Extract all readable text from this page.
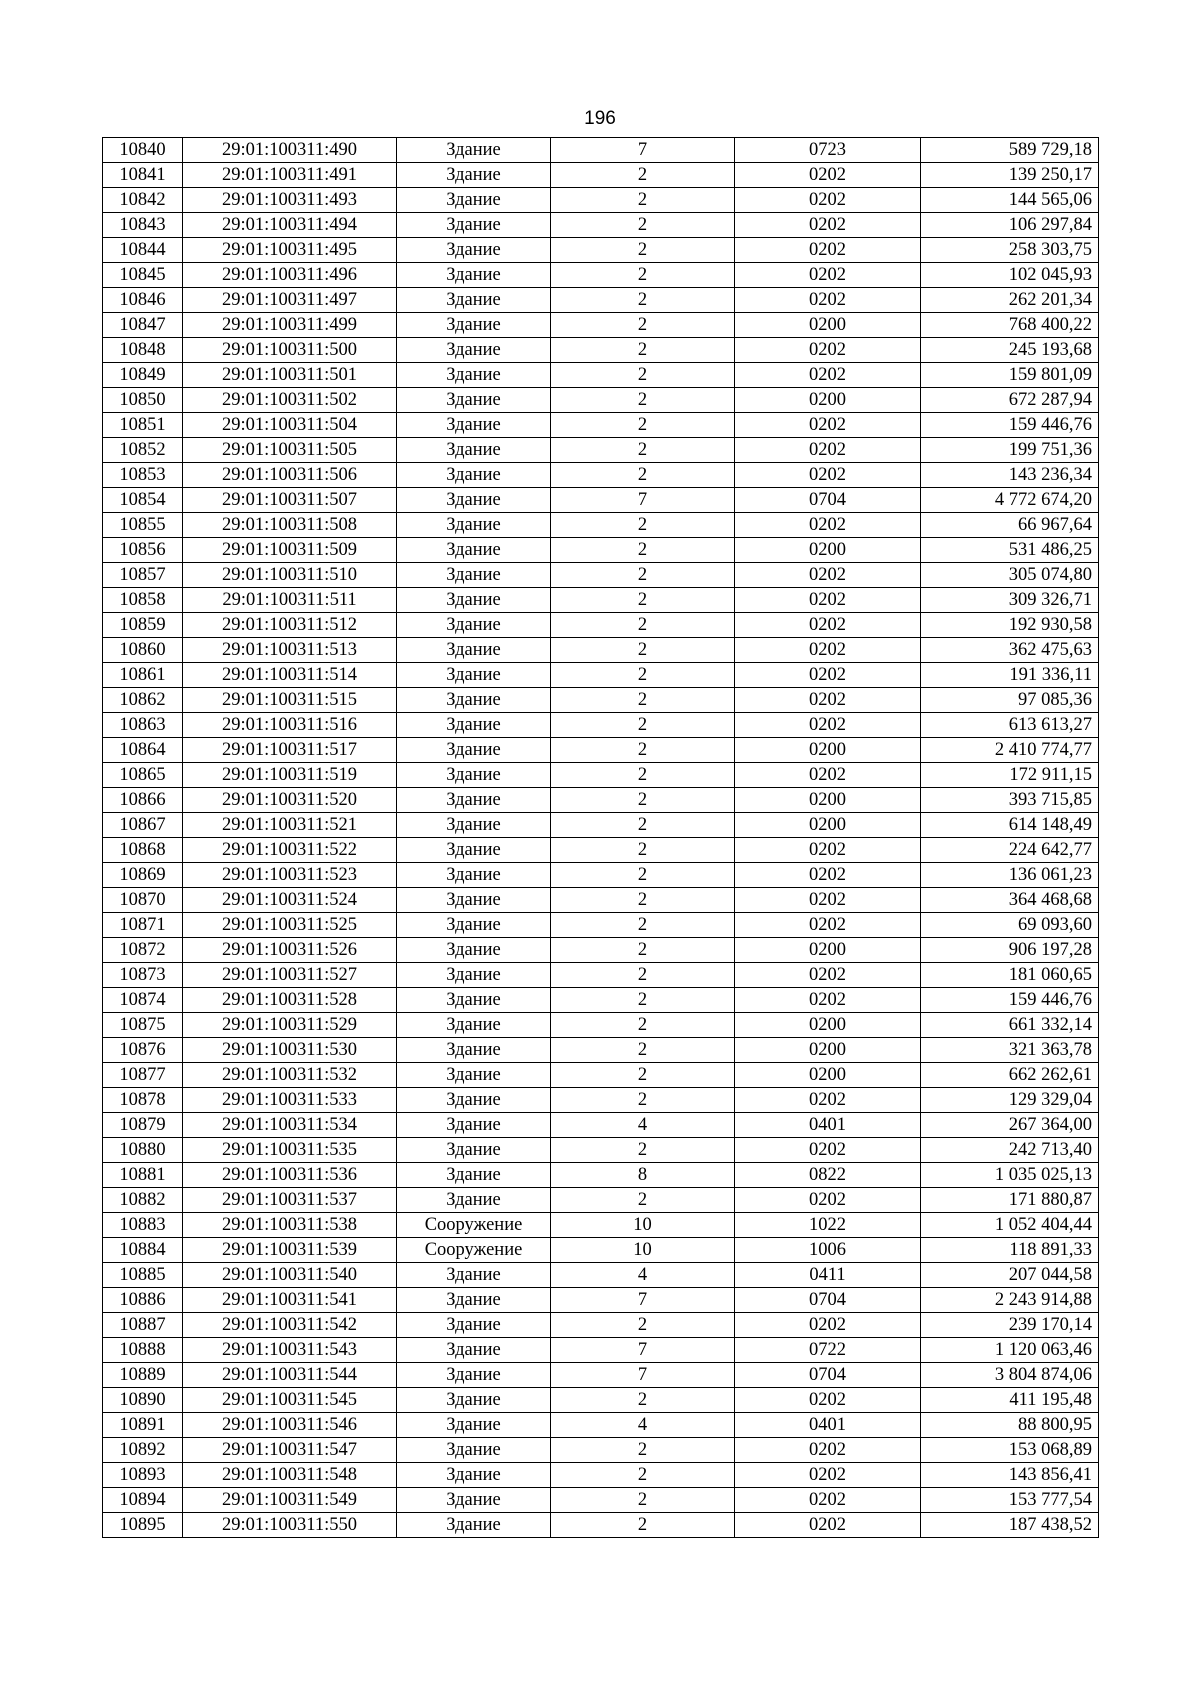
196
10840	29:01:100311:490	Здание	7	0723	589 729,18
10841	29:01:100311:491	Здание	2	0202	139 250,17
10842	29:01:100311:493	Здание	2	0202	144 565,06
10843	29:01:100311:494	Здание	2	0202	106 297,84
10844	29:01:100311:495	Здание	2	0202	258 303,75
10845	29:01:100311:496	Здание	2	0202	102 045,93
10846	29:01:100311:497	Здание	2	0202	262 201,34
10847	29:01:100311:499	Здание	2	0200	768 400,22
10848	29:01:100311:500	Здание	2	0202	245 193,68
10849	29:01:100311:501	Здание	2	0202	159 801,09
10850	29:01:100311:502	Здание	2	0200	672 287,94
10851	29:01:100311:504	Здание	2	0202	159 446,76
10852	29:01:100311:505	Здание	2	0202	199 751,36
10853	29:01:100311:506	Здание	2	0202	143 236,34
10854	29:01:100311:507	Здание	7	0704	4 772 674,20
10855	29:01:100311:508	Здание	2	0202	66 967,64
10856	29:01:100311:509	Здание	2	0200	531 486,25
10857	29:01:100311:510	Здание	2	0202	305 074,80
10858	29:01:100311:511	Здание	2	0202	309 326,71
10859	29:01:100311:512	Здание	2	0202	192 930,58
10860	29:01:100311:513	Здание	2	0202	362 475,63
10861	29:01:100311:514	Здание	2	0202	191 336,11
10862	29:01:100311:515	Здание	2	0202	97 085,36
10863	29:01:100311:516	Здание	2	0202	613 613,27
10864	29:01:100311:517	Здание	2	0200	2 410 774,77
10865	29:01:100311:519	Здание	2	0202	172 911,15
10866	29:01:100311:520	Здание	2	0200	393 715,85
10867	29:01:100311:521	Здание	2	0200	614 148,49
10868	29:01:100311:522	Здание	2	0202	224 642,77
10869	29:01:100311:523	Здание	2	0202	136 061,23
10870	29:01:100311:524	Здание	2	0202	364 468,68
10871	29:01:100311:525	Здание	2	0202	69 093,60
10872	29:01:100311:526	Здание	2	0200	906 197,28
10873	29:01:100311:527	Здание	2	0202	181 060,65
10874	29:01:100311:528	Здание	2	0202	159 446,76
10875	29:01:100311:529	Здание	2	0200	661 332,14
10876	29:01:100311:530	Здание	2	0200	321 363,78
10877	29:01:100311:532	Здание	2	0200	662 262,61
10878	29:01:100311:533	Здание	2	0202	129 329,04
10879	29:01:100311:534	Здание	4	0401	267 364,00
10880	29:01:100311:535	Здание	2	0202	242 713,40
10881	29:01:100311:536	Здание	8	0822	1 035 025,13
10882	29:01:100311:537	Здание	2	0202	171 880,87
10883	29:01:100311:538	Сооружение	10	1022	1 052 404,44
10884	29:01:100311:539	Сооружение	10	1006	118 891,33
10885	29:01:100311:540	Здание	4	0411	207 044,58
10886	29:01:100311:541	Здание	7	0704	2 243 914,88
10887	29:01:100311:542	Здание	2	0202	239 170,14
10888	29:01:100311:543	Здание	7	0722	1 120 063,46
10889	29:01:100311:544	Здание	7	0704	3 804 874,06
10890	29:01:100311:545	Здание	2	0202	411 195,48
10891	29:01:100311:546	Здание	4	0401	88 800,95
10892	29:01:100311:547	Здание	2	0202	153 068,89
10893	29:01:100311:548	Здание	2	0202	143 856,41
10894	29:01:100311:549	Здание	2	0202	153 777,54
10895	29:01:100311:550	Здание	2	0202	187 438,52
